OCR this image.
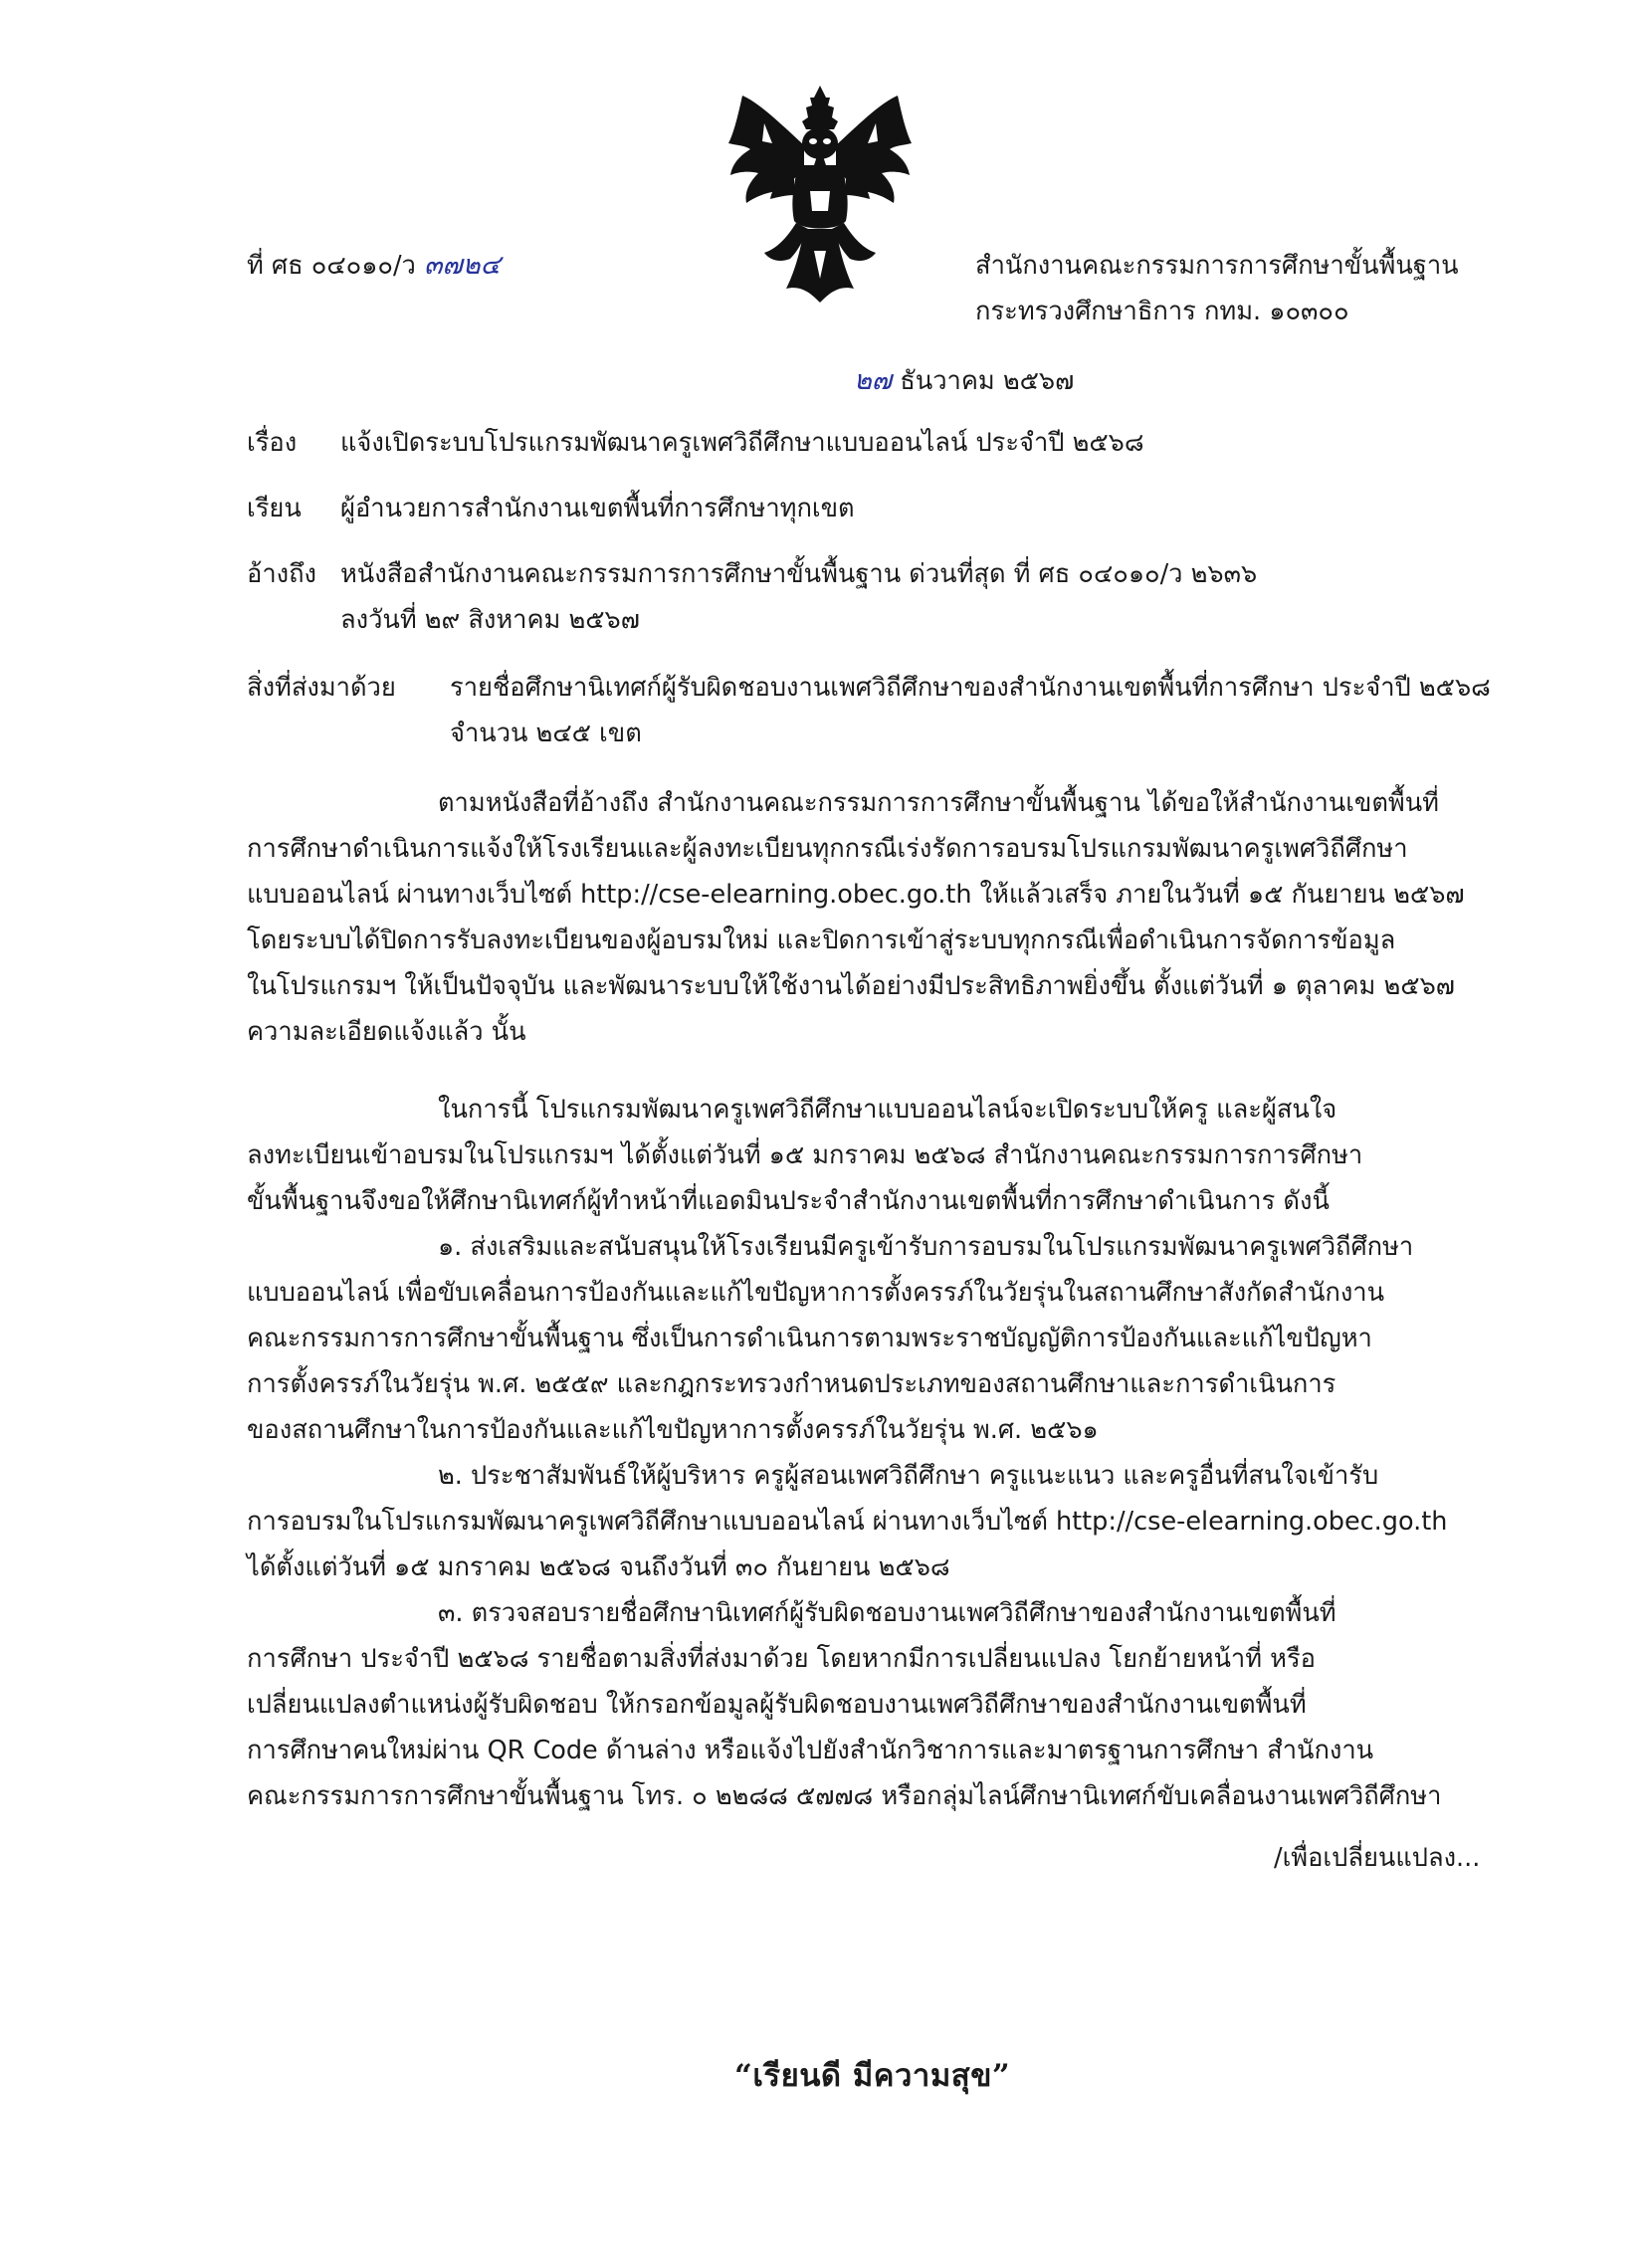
ที่ ศธ ๐๔๐๑๐/ว ๓๗๒๔	สำนักงานคณะกรรมการการศึกษาขั้นพื้นฐาน
กระทรวงศึกษาธิการ กทม. ๑๐๓๐๐
๒๗ ธันวาคม ๒๕๖๗
เรื่อง แจ้งเปิดระบบโปรแกรมพัฒนาครูเพศวิถีศึกษาแบบออนไลน์ ประจำปี ๒๕๖๘
เรียน ผู้อำนวยการสำนักงานเขตพื้นที่การศึกษาทุกเขต
อ้างถึง หนังสือสำนักงานคณะกรรมการการศึกษาขั้นพื้นฐาน ด่วนที่สุด ที่ ศธ ๐๔๐๑๐/ว ๒๖๓๖
ลงวันที่ ๒๙ สิงหาคม ๒๕๖๗
สิ่งที่ส่งมาด้วย รายชื่อศึกษานิเทศก์ผู้รับผิดชอบงานเพศวิถีศึกษาของสำนักงานเขตพื้นที่การศึกษา ประจำปี ๒๕๖๘
จำนวน ๒๔๕ เขต
ตามหนังสือที่อ้างถึง สำนักงานคณะกรรมการการศึกษาขั้นพื้นฐาน ได้ขอให้สำนักงานเขตพื้นที่
การศึกษาดำเนินการแจ้งให้โรงเรียนและผู้ลงทะเบียนทุกกรณีเร่งรัดการอบรมโปรแกรมพัฒนาครูเพศวิถีศึกษา
แบบออนไลน์ ผ่านทางเว็บไซต์ http://cse-elearning.obec.go.th ให้แล้วเสร็จ ภายในวันที่ ๑๕ กันยายน ๒๕๖๗
โดยระบบได้ปิดการรับลงทะเบียนของผู้อบรมใหม่ และปิดการเข้าสู่ระบบทุกกรณีเพื่อดำเนินการจัดการข้อมูล
ในโปรแกรมฯ ให้เป็นปัจจุบัน และพัฒนาระบบให้ใช้งานได้อย่างมีประสิทธิภาพยิ่งขึ้น ตั้งแต่วันที่ ๑ ตุลาคม ๒๕๖๗
ความละเอียดแจ้งแล้ว นั้น
ในการนี้ โปรแกรมพัฒนาครูเพศวิถีศึกษาแบบออนไลน์จะเปิดระบบให้ครู และผู้สนใจ
ลงทะเบียนเข้าอบรมในโปรแกรมฯ ได้ตั้งแต่วันที่ ๑๕ มกราคม ๒๕๖๘ สำนักงานคณะกรรมการการศึกษา
ขั้นพื้นฐานจึงขอให้ศึกษานิเทศก์ผู้ทำหน้าที่แอดมินประจำสำนักงานเขตพื้นที่การศึกษาดำเนินการ ดังนี้
๑. ส่งเสริมและสนับสนุนให้โรงเรียนมีครูเข้ารับการอบรมในโปรแกรมพัฒนาครูเพศวิถีศึกษา
แบบออนไลน์ เพื่อขับเคลื่อนการป้องกันและแก้ไขปัญหาการตั้งครรภ์ในวัยรุ่นในสถานศึกษาสังกัดสำนักงาน
คณะกรรมการการศึกษาขั้นพื้นฐาน ซึ่งเป็นการดำเนินการตามพระราชบัญญัติการป้องกันและแก้ไขปัญหา
การตั้งครรภ์ในวัยรุ่น พ.ศ. ๒๕๕๙ และกฎกระทรวงกำหนดประเภทของสถานศึกษาและการดำเนินการ
ของสถานศึกษาในการป้องกันและแก้ไขปัญหาการตั้งครรภ์ในวัยรุ่น พ.ศ. ๒๕๖๑
๒. ประชาสัมพันธ์ให้ผู้บริหาร ครูผู้สอนเพศวิถีศึกษา ครูแนะแนว และครูอื่นที่สนใจเข้ารับ
การอบรมในโปรแกรมพัฒนาครูเพศวิถีศึกษาแบบออนไลน์ ผ่านทางเว็บไซต์ http://cse-elearning.obec.go.th
ได้ตั้งแต่วันที่ ๑๕ มกราคม ๒๕๖๘ จนถึงวันที่ ๓๐ กันยายน ๒๕๖๘
๓. ตรวจสอบรายชื่อศึกษานิเทศก์ผู้รับผิดชอบงานเพศวิถีศึกษาของสำนักงานเขตพื้นที่
การศึกษา ประจำปี ๒๕๖๘ รายชื่อตามสิ่งที่ส่งมาด้วย โดยหากมีการเปลี่ยนแปลง โยกย้ายหน้าที่ หรือ
เปลี่ยนแปลงตำแหน่งผู้รับผิดชอบ ให้กรอกข้อมูลผู้รับผิดชอบงานเพศวิถีศึกษาของสำนักงานเขตพื้นที่
การศึกษาคนใหม่ผ่าน QR Code ด้านล่าง หรือแจ้งไปยังสำนักวิชาการและมาตรฐานการศึกษา สำนักงาน
คณะกรรมการการศึกษาขั้นพื้นฐาน โทร. ๐ ๒๒๘๘ ๕๗๗๘ หรือกลุ่มไลน์ศึกษานิเทศก์ขับเคลื่อนงานเพศวิถีศึกษา
/เพื่อเปลี่ยนแปลง...
“เรียนดี มีความสุข”
